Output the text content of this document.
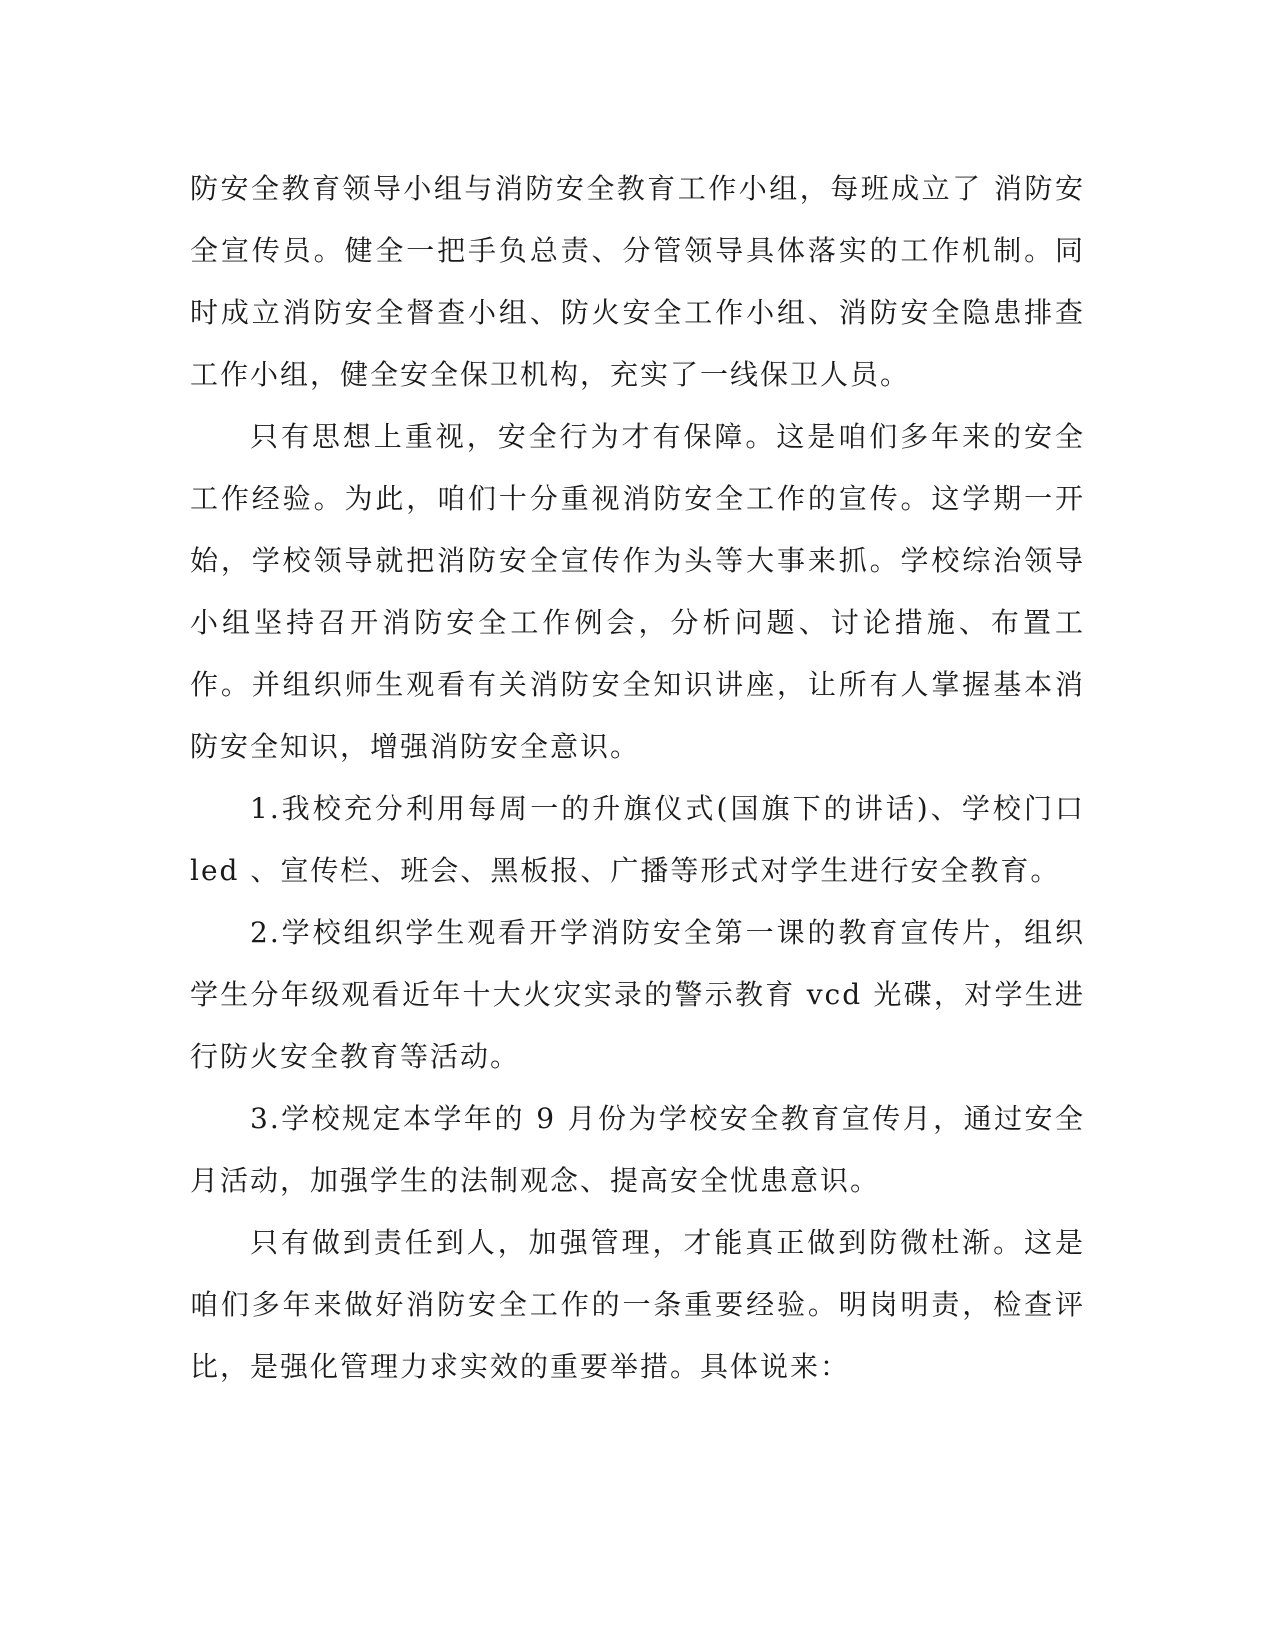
防安全教育领导小组与消防安全教育工作小组，每班成立了 消防安全宣传员。健全一把手负总责、分管领导具体落实的工作机制。同时成立消防安全督查小组、防火安全工作小组、消防安全隐患排查工作小组，健全安全保卫机构，充实了一线保卫人员。

只有思想上重视，安全行为才有保障。这是咱们多年来的安全工作经验。为此，咱们十分重视消防安全工作的宣传。这学期一开始，学校领导就把消防安全宣传作为头等大事来抓。学校综治领导小组坚持召开消防安全工作例会，分析问题、讨论措施、布置工作。并组织师生观看有关消防安全知识讲座，让所有人掌握基本消防安全知识，增强消防安全意识。

1.我校充分利用每周一的升旗仪式(国旗下的讲话)、学校门口 led 、宣传栏、班会、黑板报、广播等形式对学生进行安全教育。

2.学校组织学生观看开学消防安全第一课的教育宣传片，组织学生分年级观看近年十大火灾实录的警示教育 vcd 光碟，对学生进行防火安全教育等活动。

3.学校规定本学年的 9 月份为学校安全教育宣传月，通过安全月活动，加强学生的法制观念、提高安全忧患意识。

只有做到责任到人，加强管理，才能真正做到防微杜渐。这是咱们多年来做好消防安全工作的一条重要经验。明岗明责，检查评比，是强化管理力求实效的重要举措。具体说来：
